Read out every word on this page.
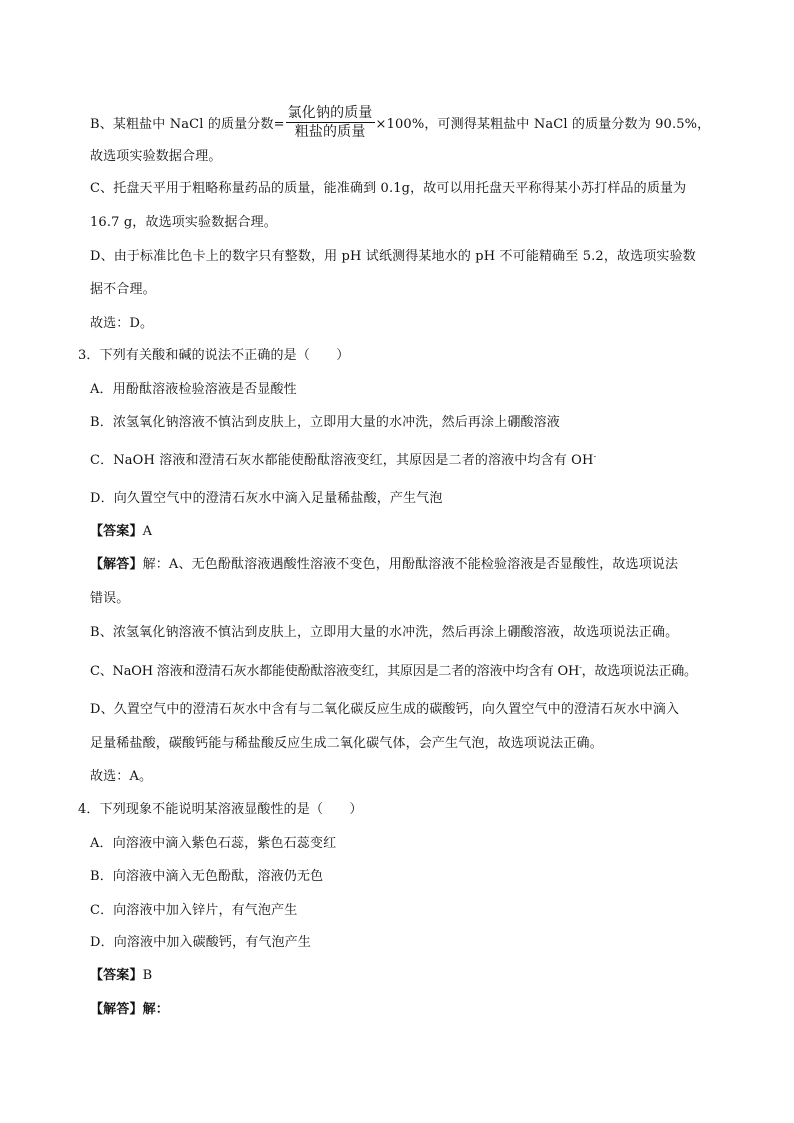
B、某粗盐中 NaCl 的质量分数= $\frac{\text{氯化钠的质量}}{\text{粗盐的质量}} \times 100\%$，可测得某粗盐中 NaCl 的质量分数为 90.5%，
故选项实验数据合理。
C、托盘天平用于粗略称量药品的质量，能准确到 0.1g，故可以用托盘天平称得某小苏打样品的质量为
16.7 g，故选项实验数据合理。
D、由于标准比色卡上的数字只有整数，用 pH 试纸测得某地水的 pH 不可能精确至 5.2，故选项实验数
据不合理。
故选：D。
3．下列有关酸和碱的说法不正确的是（　　）
A．用酚酞溶液检验溶液是否显酸性
B．浓氢氧化钠溶液不慎沾到皮肤上，立即用大量的水冲洗，然后再涂上硼酸溶液
C．NaOH 溶液和澄清石灰水都能使酚酞溶液变红，其原因是二者的溶液中均含有 OH-
D．向久置空气中的澄清石灰水中滴入足量稀盐酸，产生气泡
【答案】A
【解答】解：A、无色酚酞溶液遇酸性溶液不变色，用酚酞溶液不能检验溶液是否显酸性，故选项说法
错误。
B、浓氢氧化钠溶液不慎沾到皮肤上，立即用大量的水冲洗，然后再涂上硼酸溶液，故选项说法正确。
C、NaOH 溶液和澄清石灰水都能使酚酞溶液变红，其原因是二者的溶液中均含有 OH-，故选项说法正确。
D、久置空气中的澄清石灰水中含有与二氧化碳反应生成的碳酸钙，向久置空气中的澄清石灰水中滴入
足量稀盐酸，碳酸钙能与稀盐酸反应生成二氧化碳气体，会产生气泡，故选项说法正确。
故选：A。
4．下列现象不能说明某溶液显酸性的是（　　）
A．向溶液中滴入紫色石蕊，紫色石蕊变红
B．向溶液中滴入无色酚酞，溶液仍无色
C．向溶液中加入锌片，有气泡产生
D．向溶液中加入碳酸钙，有气泡产生
【答案】B
【解答】解：
